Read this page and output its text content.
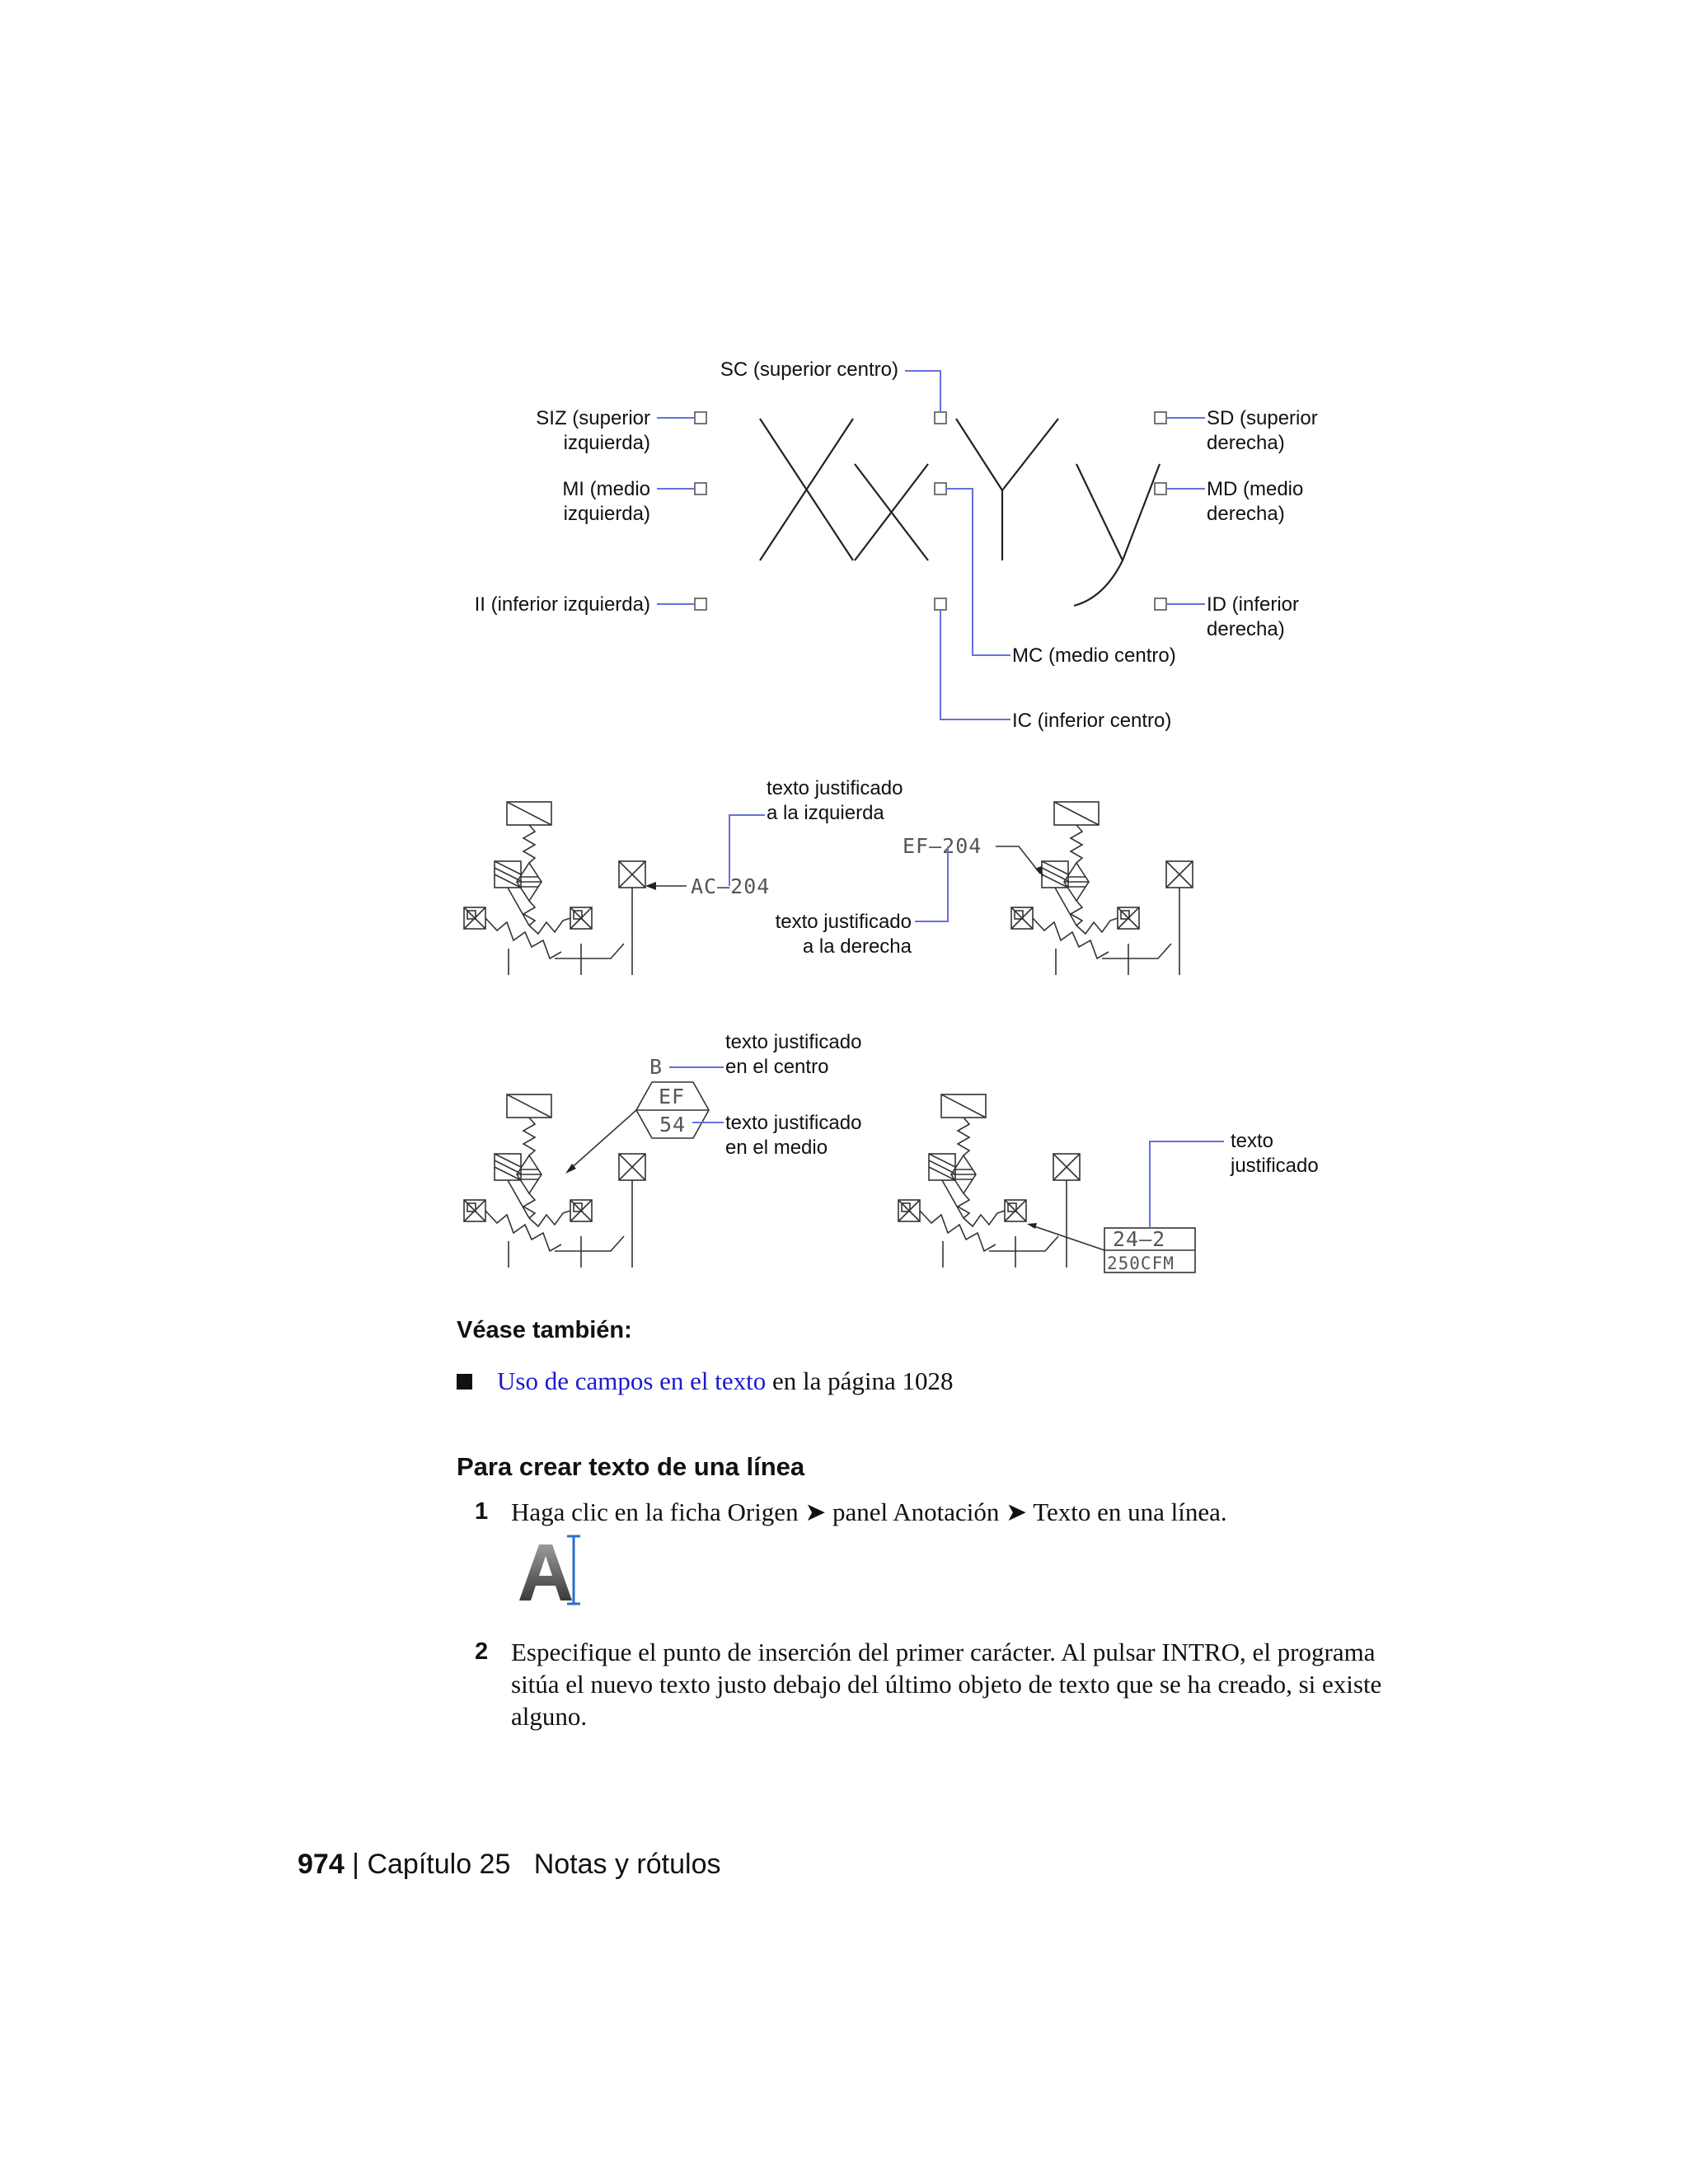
SC (superior centro)
SIZ (superior
izquierda)
MI (medio
izquierda)
II (inferior izquierda)
SD (superior
derecha)
MD (medio
derecha)
ID (inferior
derecha)
MC (medio centro)
IC (inferior centro)
AC—204
texto justificado
a la izquierda
EF—204
texto justificado
a la derecha
EF
54
B
texto justificado
en el centro
texto justificado
en el medio
24—2
250CFM
texto
justificado
Véase también:
Uso de campos en el texto en la página 1028
Para crear texto de una línea
1 Haga clic en la ficha Origen ➤ panel Anotación ➤ Texto en una línea.
2 Especifique el punto de inserción del primer carácter. Al pulsar INTRO, el programa sitúa el nuevo texto justo debajo del último objeto de texto que se ha creado, si existe alguno.
974 | Capítulo 25 Notas y rótulos
